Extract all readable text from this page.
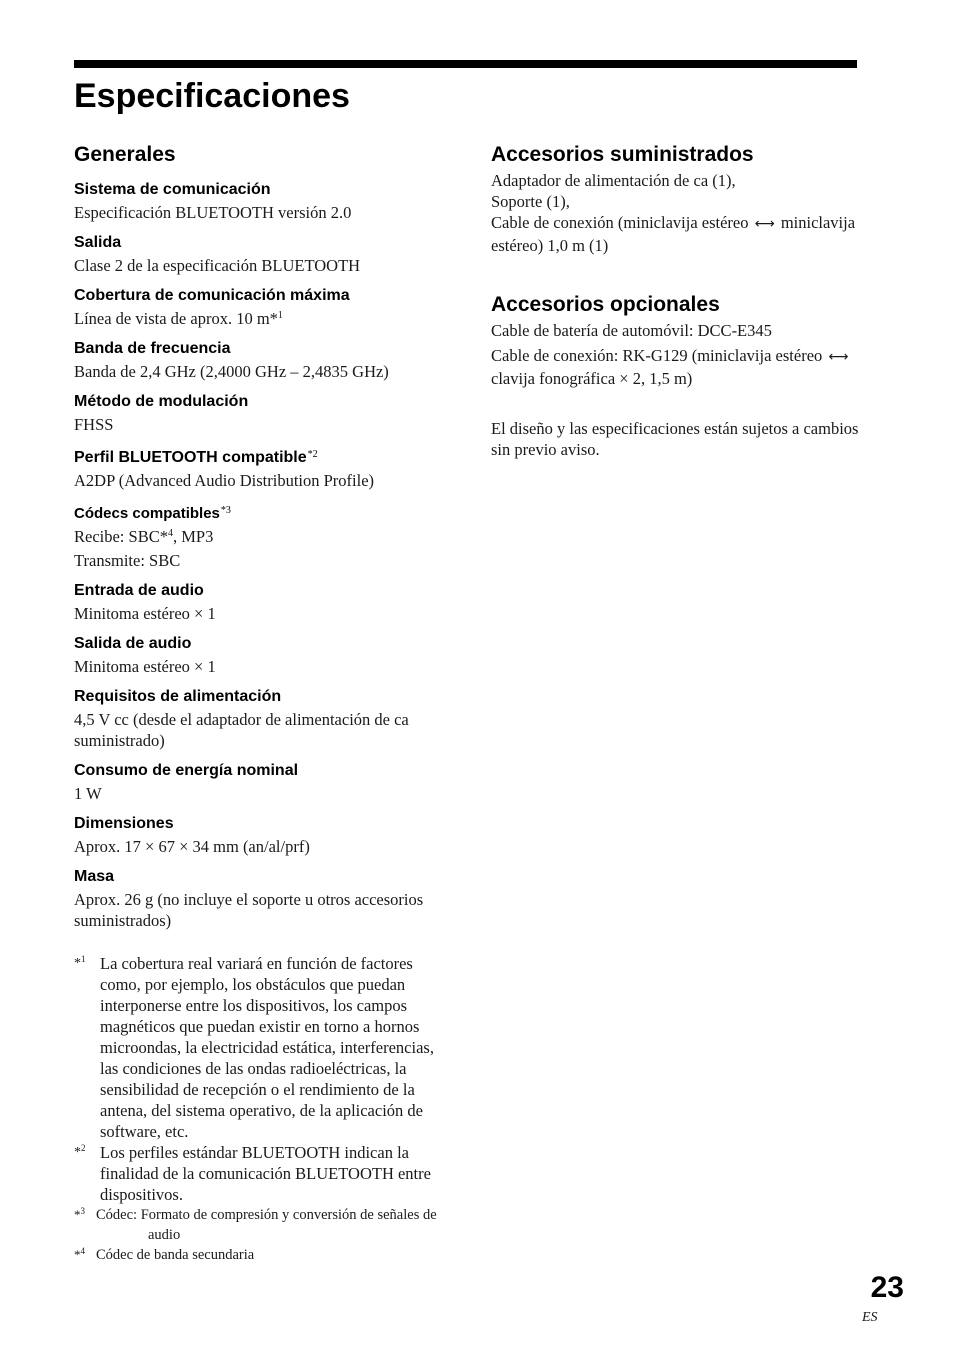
Especificaciones
Generales
Sistema de comunicación
Especificación BLUETOOTH versión 2.0
Salida
Clase 2 de la especificación BLUETOOTH
Cobertura de comunicación máxima
Línea de vista de aprox. 10 m*$^1$
Banda de frecuencia
Banda de 2,4 GHz (2,4000 GHz – 2,4835 GHz)
Método de modulación
FHSS
Perfil BLUETOOTH compatible$^{*2}$
A2DP (Advanced Audio Distribution Profile)
Códecs compatibles$^{*3}$
Recibe: SBC*$^4$, MP3
Transmite: SBC
Entrada de audio
Minitoma estéreo × 1
Salida de audio
Minitoma estéreo × 1
Requisitos de alimentación
4,5 V cc (desde el adaptador de alimentación de ca suministrado)
Consumo de energía nominal
1 W
Dimensiones
Aprox. 17 × 67 × 34 mm (an/al/prf)
Masa
Aprox. 26 g (no incluye el soporte u otros accesorios suministrados)
*$^1$ La cobertura real variará en función de factores como, por ejemplo, los obstáculos que puedan interponerse entre los dispositivos, los campos magnéticos que puedan existir en torno a hornos microondas, la electricidad estática, interferencias, las condiciones de las ondas radioeléctricas, la sensibilidad de recepción o el rendimiento de la antena, del sistema operativo, de la aplicación de software, etc.
*$^2$ Los perfiles estándar BLUETOOTH indican la finalidad de la comunicación BLUETOOTH entre dispositivos.
*$^3$ Códec: Formato de compresión y conversión de señales de audio
*$^4$ Códec de banda secundaria
Accesorios suministrados
Adaptador de alimentación de ca (1),
Soporte (1),
Cable de conexión (miniclavija estéreo ⟷ miniclavija estéreo) 1,0 m (1)
Accesorios opcionales
Cable de batería de automóvil: DCC-E345
Cable de conexión: RK-G129 (miniclavija estéreo ⟷ clavija fonográfica × 2, 1,5 m)
El diseño y las especificaciones están sujetos a cambios sin previo aviso.
23
ES
